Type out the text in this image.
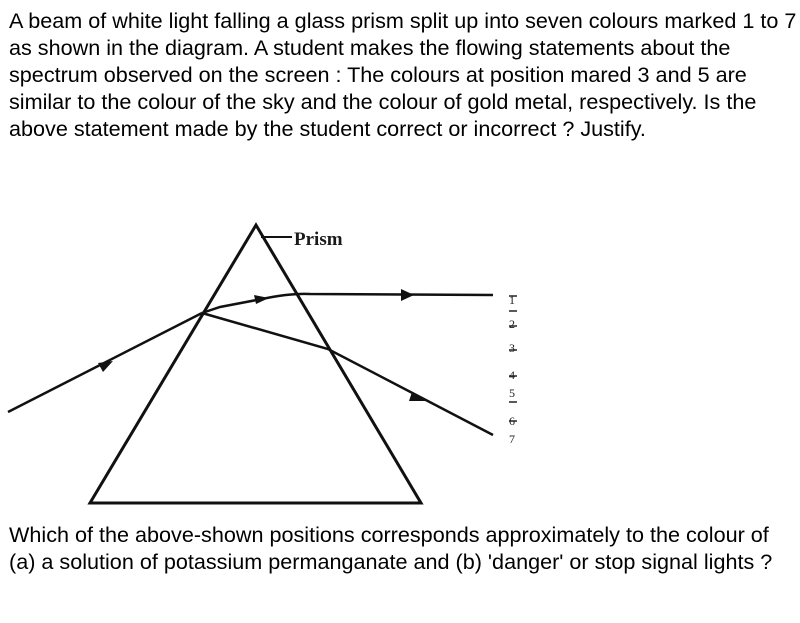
A beam of white light falling a glass prism split up into seven colours marked 1 to 7 as shown in the diagram. A student makes the flowing statements about the spectrum observed on the screen : The colours at position mared 3 and 5 are similar to the colour of the sky and the colour of gold metal, respectively. Is the above statement made by the student correct or incorrect ? Justify.

Prism
1
2
3
4
5
6
7

Which of the above-shown positions corresponds approximately to the colour of (a) a solution of potassium permanganate and (b) 'danger' or stop signal lights ?
